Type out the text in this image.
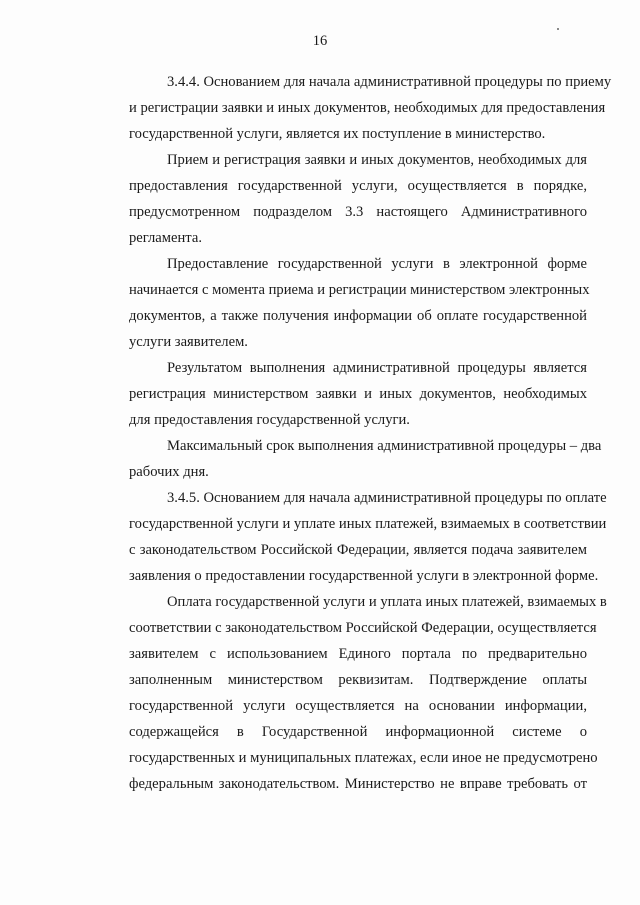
16
3.4.4. Основанием для начала административной процедуры по приему
и регистрации заявки и иных документов, необходимых для предоставления
государственной услуги, является их поступление в министерство.
Прием и регистрация заявки и иных документов, необходимых для
предоставления государственной услуги, осуществляется в порядке,
предусмотренном подразделом 3.3 настоящего Административного
регламента.
Предоставление государственной услуги в электронной форме
начинается с момента приема и регистрации министерством электронных
документов, а также получения информации об оплате государственной
услуги заявителем.
Результатом выполнения административной процедуры является
регистрация министерством заявки и иных документов, необходимых
для предоставления государственной услуги.
Максимальный срок выполнения административной процедуры – два
рабочих дня.
3.4.5. Основанием для начала административной процедуры по оплате
государственной услуги и уплате иных платежей, взимаемых в соответствии
с законодательством Российской Федерации, является подача заявителем
заявления о предоставлении государственной услуги в электронной форме.
Оплата государственной услуги и уплата иных платежей, взимаемых в
соответствии с законодательством Российской Федерации, осуществляется
заявителем с использованием Единого портала по предварительно
заполненным министерством реквизитам. Подтверждение оплаты
государственной услуги осуществляется на основании информации,
содержащейся в Государственной информационной системе о
государственных и муниципальных платежах, если иное не предусмотрено
федеральным законодательством. Министерство не вправе требовать от
